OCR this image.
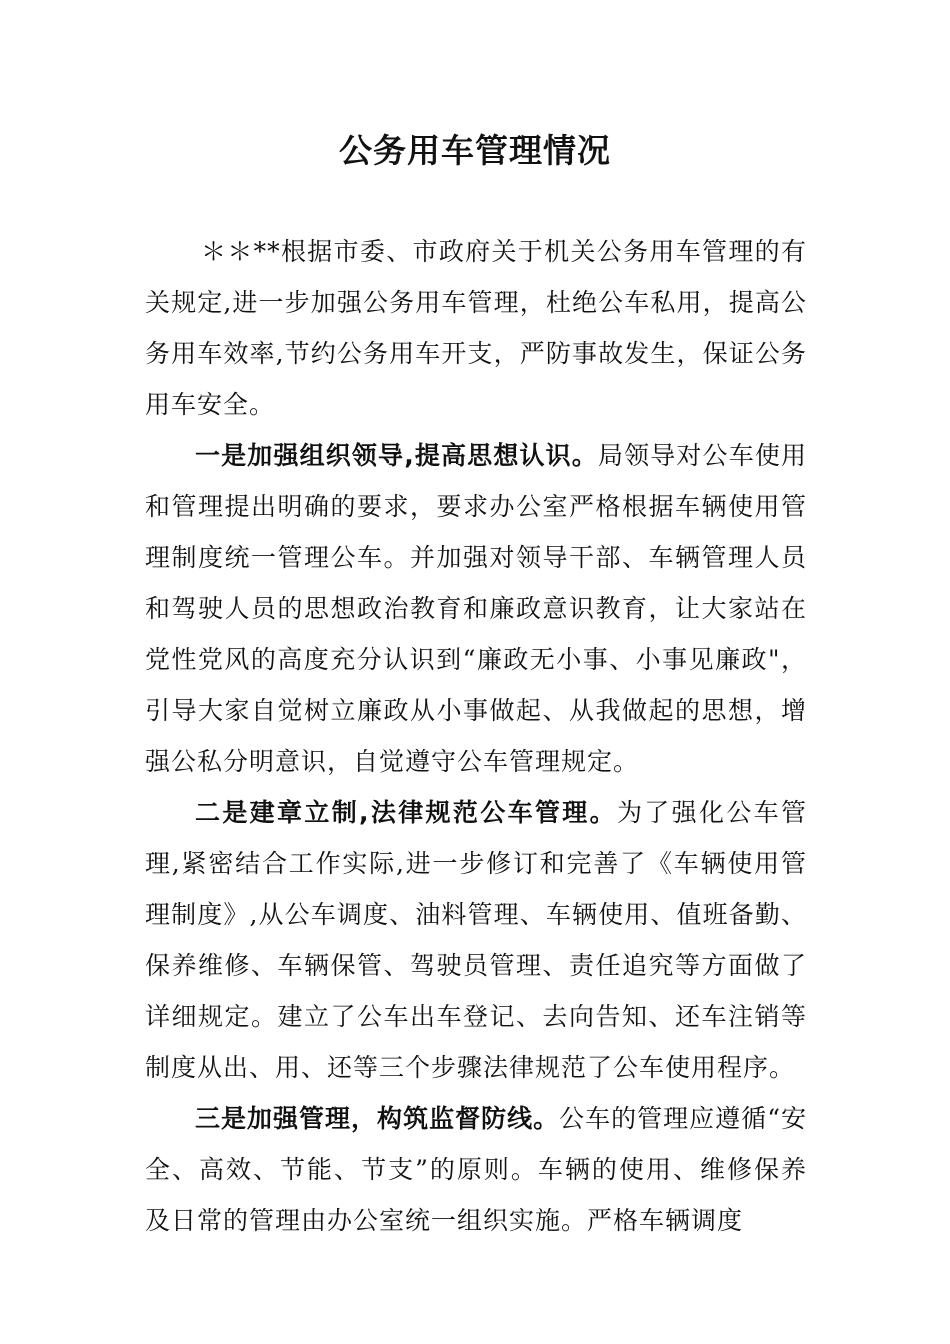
公务用车管理情况

＊＊**根据市委、市政府关于机关公务用车管理的有关规定,进一步加强公务用车管理，杜绝公车私用，提高公务用车效率,节约公务用车开支，严防事故发生，保证公务用车安全。

一是加强组织领导,提高思想认识。局领导对公车使用和管理提出明确的要求，要求办公室严格根据车辆使用管理制度统一管理公车。并加强对领导干部、车辆管理人员和驾驶人员的思想政治教育和廉政意识教育，让大家站在党性党风的高度充分认识到“廉政无小事、小事见廉政"，引导大家自觉树立廉政从小事做起、从我做起的思想，增强公私分明意识，自觉遵守公车管理规定。

二是建章立制,法律规范公车管理。为了强化公车管理,紧密结合工作实际,进一步修订和完善了《车辆使用管理制度》,从公车调度、油料管理、车辆使用、值班备勤、保养维修、车辆保管、驾驶员管理、责任追究等方面做了详细规定。建立了公车出车登记、去向告知、还车注销等制度从出、用、还等三个步骤法律规范了公车使用程序。

三是加强管理，构筑监督防线。公车的管理应遵循“安全、高效、节能、节支”的原则。车辆的使用、维修保养及日常的管理由办公室统一组织实施。严格车辆调度
